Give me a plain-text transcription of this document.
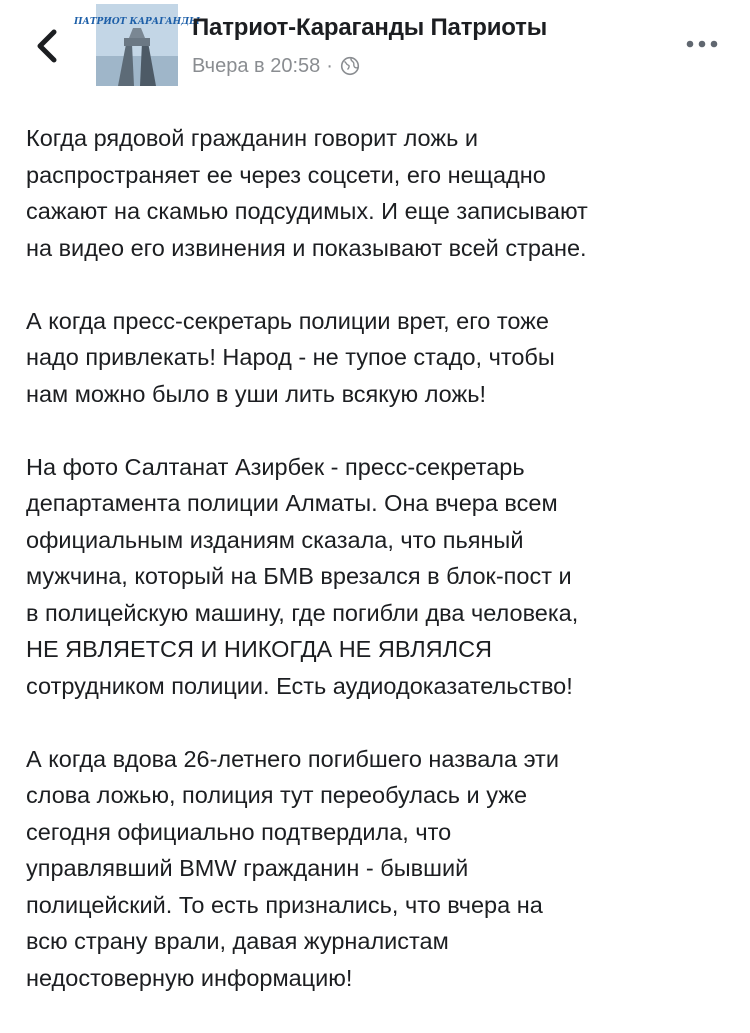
ПАТРИОТ КАРАГАНДЫ
Патриот-Караганды Патриоты
Вчера в 20:58 ·

Когда рядовой гражданин говорит ложь и
распространяет ее через соцсети, его нещадно
сажают на скамью подсудимых. И еще записывают
на видео его извинения и показывают всей стране.

А когда пресс-секретарь полиции врет, его тоже
надо привлекать! Народ - не тупое стадо, чтобы
нам можно было в уши лить всякую ложь!

На фото Салтанат Азирбек - пресс-секретарь
департамента полиции Алматы. Она вчера всем
официальным изданиям сказала, что пьяный
мужчина, который на БМВ врезался в блок-пост и
в полицейскую машину, где погибли два человека,
НЕ ЯВЛЯЕТСЯ И НИКОГДА НЕ ЯВЛЯЛСЯ
сотрудником полиции. Есть аудиодоказательство!

А когда вдова 26-летнего погибшего назвала эти
слова ложью, полиция тут переобулась и уже
сегодня официально подтвердила, что
управлявший BMW гражданин - бывший
полицейский. То есть признались, что вчера на
всю страну врали, давая журналистам
недостоверную информацию!
